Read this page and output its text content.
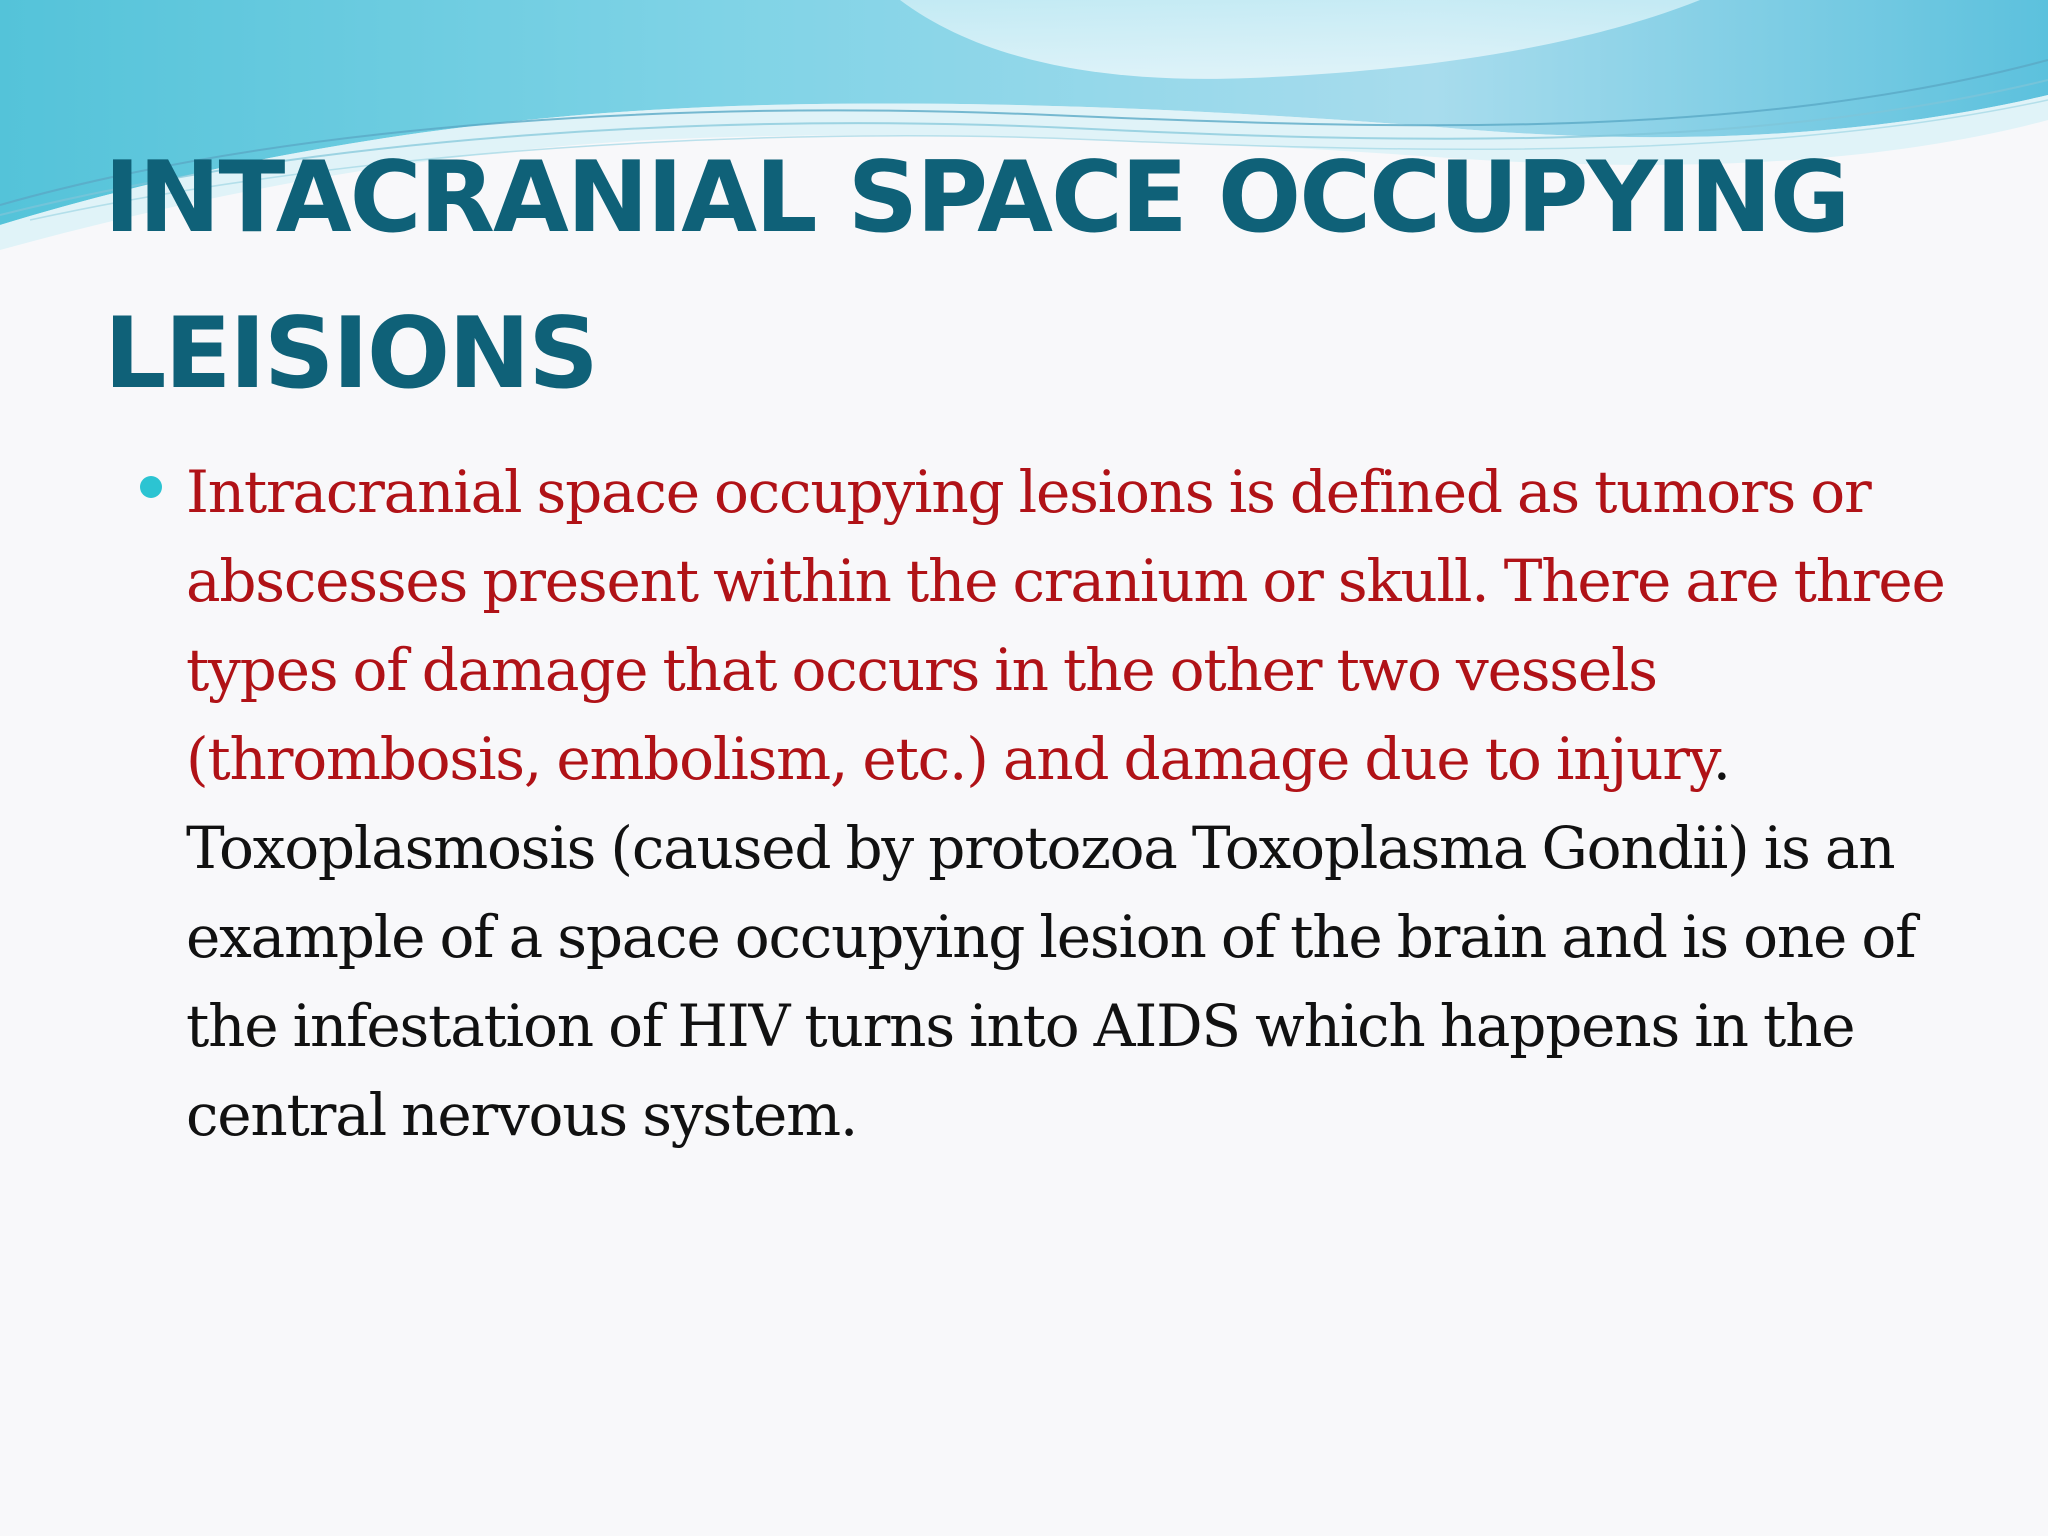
INTACRANIAL SPACE OCCUPYING LEISIONS

Intracranial space occupying lesions is defined as tumors or abscesses present within the cranium or skull. There are three types of damage that occurs in the other two vessels (thrombosis, embolism, etc.) and damage due to injury.
Toxoplasmosis (caused by protozoa Toxoplasma Gondii) is an example of a space occupying lesion of the brain and is one of the infestation of HIV turns into AIDS which happens in the central nervous system.
